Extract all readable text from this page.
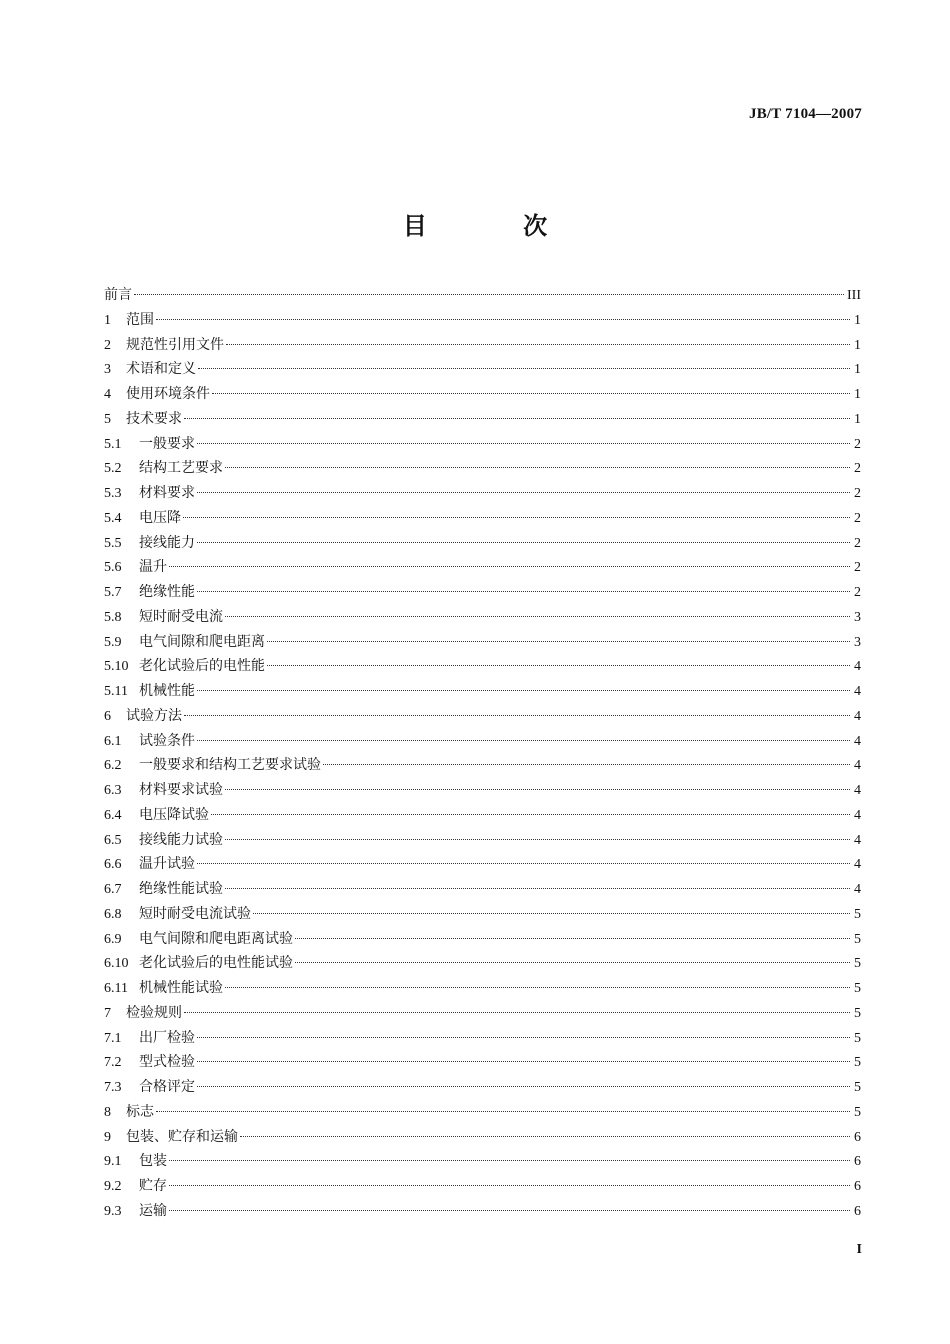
JB/T 7104—2007
目 次
前言	III
1	范围	1
2	规范性引用文件	1
3	术语和定义	1
4	使用环境条件	1
5	技术要求	1
5.1	一般要求	2
5.2	结构工艺要求	2
5.3	材料要求	2
5.4	电压降	2
5.5	接线能力	2
5.6	温升	2
5.7	绝缘性能	2
5.8	短时耐受电流	3
5.9	电气间隙和爬电距离	3
5.10 老化试验后的电性能	4
5.11 机械性能	4
6	试验方法	4
6.1	试验条件	4
6.2	一般要求和结构工艺要求试验	4
6.3	材料要求试验	4
6.4	电压降试验	4
6.5	接线能力试验	4
6.6	温升试验	4
6.7	绝缘性能试验	4
6.8	短时耐受电流试验	5
6.9	电气间隙和爬电距离试验	5
6.10 老化试验后的电性能试验	5
6.11 机械性能试验	5
7	检验规则	5
7.1	出厂检验	5
7.2	型式检验	5
7.3	合格评定	5
8	标志	5
9	包装、贮存和运输	6
9.1	包装	6
9.2	贮存	6
9.3	运输	6
I
